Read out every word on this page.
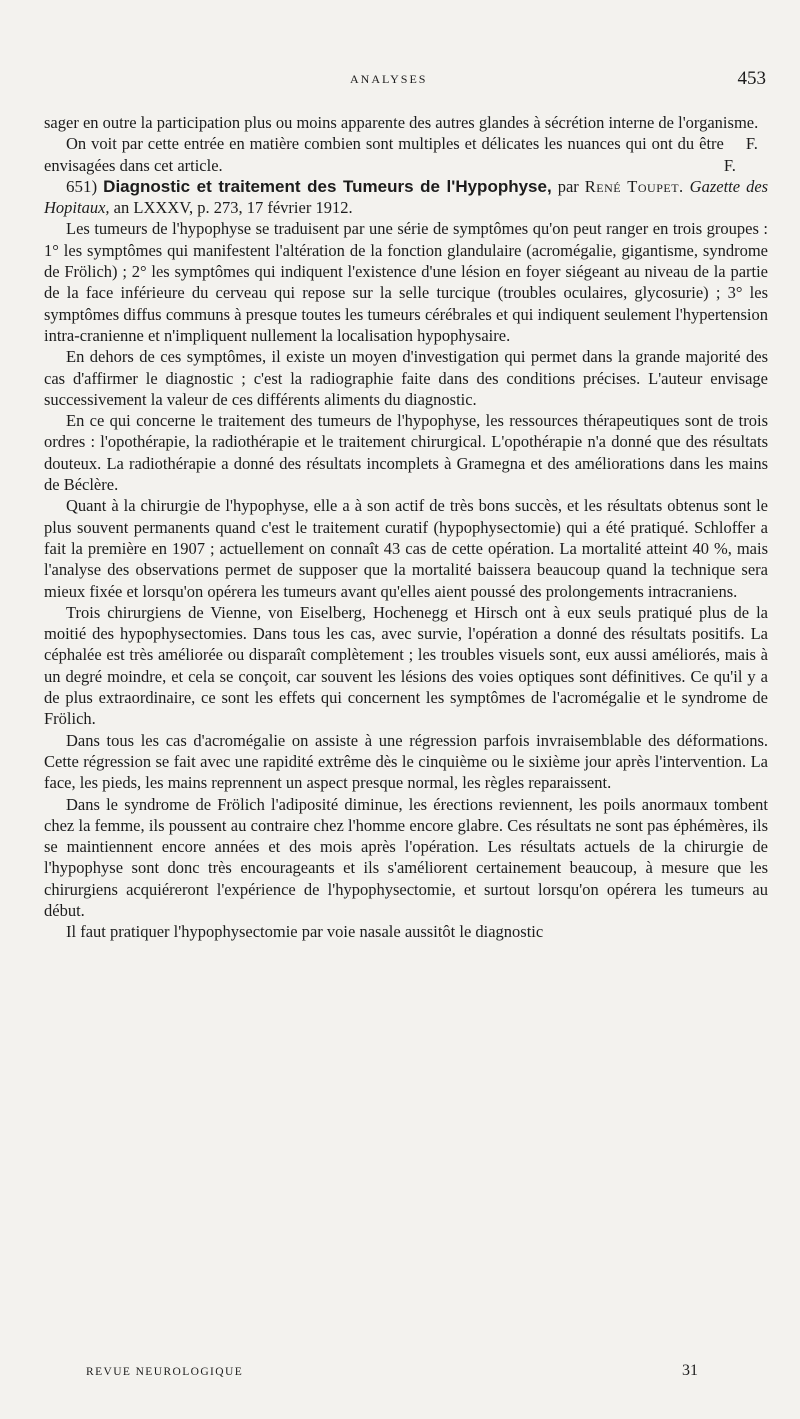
ANALYSES	453

sager en outre la participation plus ou moins apparente des autres glandes à sécrétion interne de l'organisme.

On voit par cette entrée en matière combien sont multiples et délicates les nuances qui ont du être envisagées dans cet article.
F. F.

651) Diagnostic et traitement des Tumeurs de l'Hypophyse, par René Toupet. Gazette des Hopitaux, an LXXXV, p. 273, 17 février 1912.

Les tumeurs de l'hypophyse se traduisent par une série de symptômes qu'on peut ranger en trois groupes : 1° les symptômes qui manifestent l'altération de la fonction glandulaire (acromégalie, gigantisme, syndrome de Frölich) ; 2° les symptômes qui indiquent l'existence d'une lésion en foyer siégeant au niveau de la partie de la face inférieure du cerveau qui repose sur la selle turcique (troubles oculaires, glycosurie) ; 3° les symptômes diffus communs à presque toutes les tumeurs cérébrales et qui indiquent seulement l'hypertension intra-cranienne et n'impliquent nullement la localisation hypophysaire.

En dehors de ces symptômes, il existe un moyen d'investigation qui permet dans la grande majorité des cas d'affirmer le diagnostic ; c'est la radiographie faite dans des conditions précises. L'auteur envisage successivement la valeur de ces différents aliments du diagnostic.

En ce qui concerne le traitement des tumeurs de l'hypophyse, les ressources thérapeutiques sont de trois ordres : l'opothérapie, la radiothérapie et le traitement chirurgical. L'opothérapie n'a donné que des résultats douteux. La radiothérapie a donné des résultats incomplets à Gramegna et des améliorations dans les mains de Béclère.

Quant à la chirurgie de l'hypophyse, elle a à son actif de très bons succès, et les résultats obtenus sont le plus souvent permanents quand c'est le traitement curatif (hypophysectomie) qui a été pratiqué. Schloffer a fait la première en 1907 ; actuellement on connaît 43 cas de cette opération. La mortalité atteint 40 %, mais l'analyse des observations permet de supposer que la mortalité baissera beaucoup quand la technique sera mieux fixée et lorsqu'on opérera les tumeurs avant qu'elles aient poussé des prolongements intracraniens.

Trois chirurgiens de Vienne, von Eiselberg, Hochenegg et Hirsch ont à eux seuls pratiqué plus de la moitié des hypophysectomies. Dans tous les cas, avec survie, l'opération a donné des résultats positifs. La céphalée est très améliorée ou disparaît complètement ; les troubles visuels sont, eux aussi améliorés, mais à un degré moindre, et cela se conçoit, car souvent les lésions des voies optiques sont définitives. Ce qu'il y a de plus extraordinaire, ce sont les effets qui concernent les symptômes de l'acromégalie et le syndrome de Frölich.

Dans tous les cas d'acromégalie on assiste à une régression parfois invraisemblable des déformations. Cette régression se fait avec une rapidité extrême dès le cinquième ou le sixième jour après l'intervention. La face, les pieds, les mains reprennent un aspect presque normal, les règles reparaissent.

Dans le syndrome de Frölich l'adiposité diminue, les érections reviennent, les poils anormaux tombent chez la femme, ils poussent au contraire chez l'homme encore glabre. Ces résultats ne sont pas éphémères, ils se maintiennent encore années et des mois après l'opération. Les résultats actuels de la chirurgie de l'hypophyse sont donc très encourageants et ils s'améliorent certainement beaucoup, à mesure que les chirurgiens acquiéreront l'expérience de l'hypophysectomie, et surtout lorsqu'on opérera les tumeurs au début.

Il faut pratiquer l'hypophysectomie par voie nasale aussitôt le diagnostic

REVUE NEUROLOGIQUE	31
